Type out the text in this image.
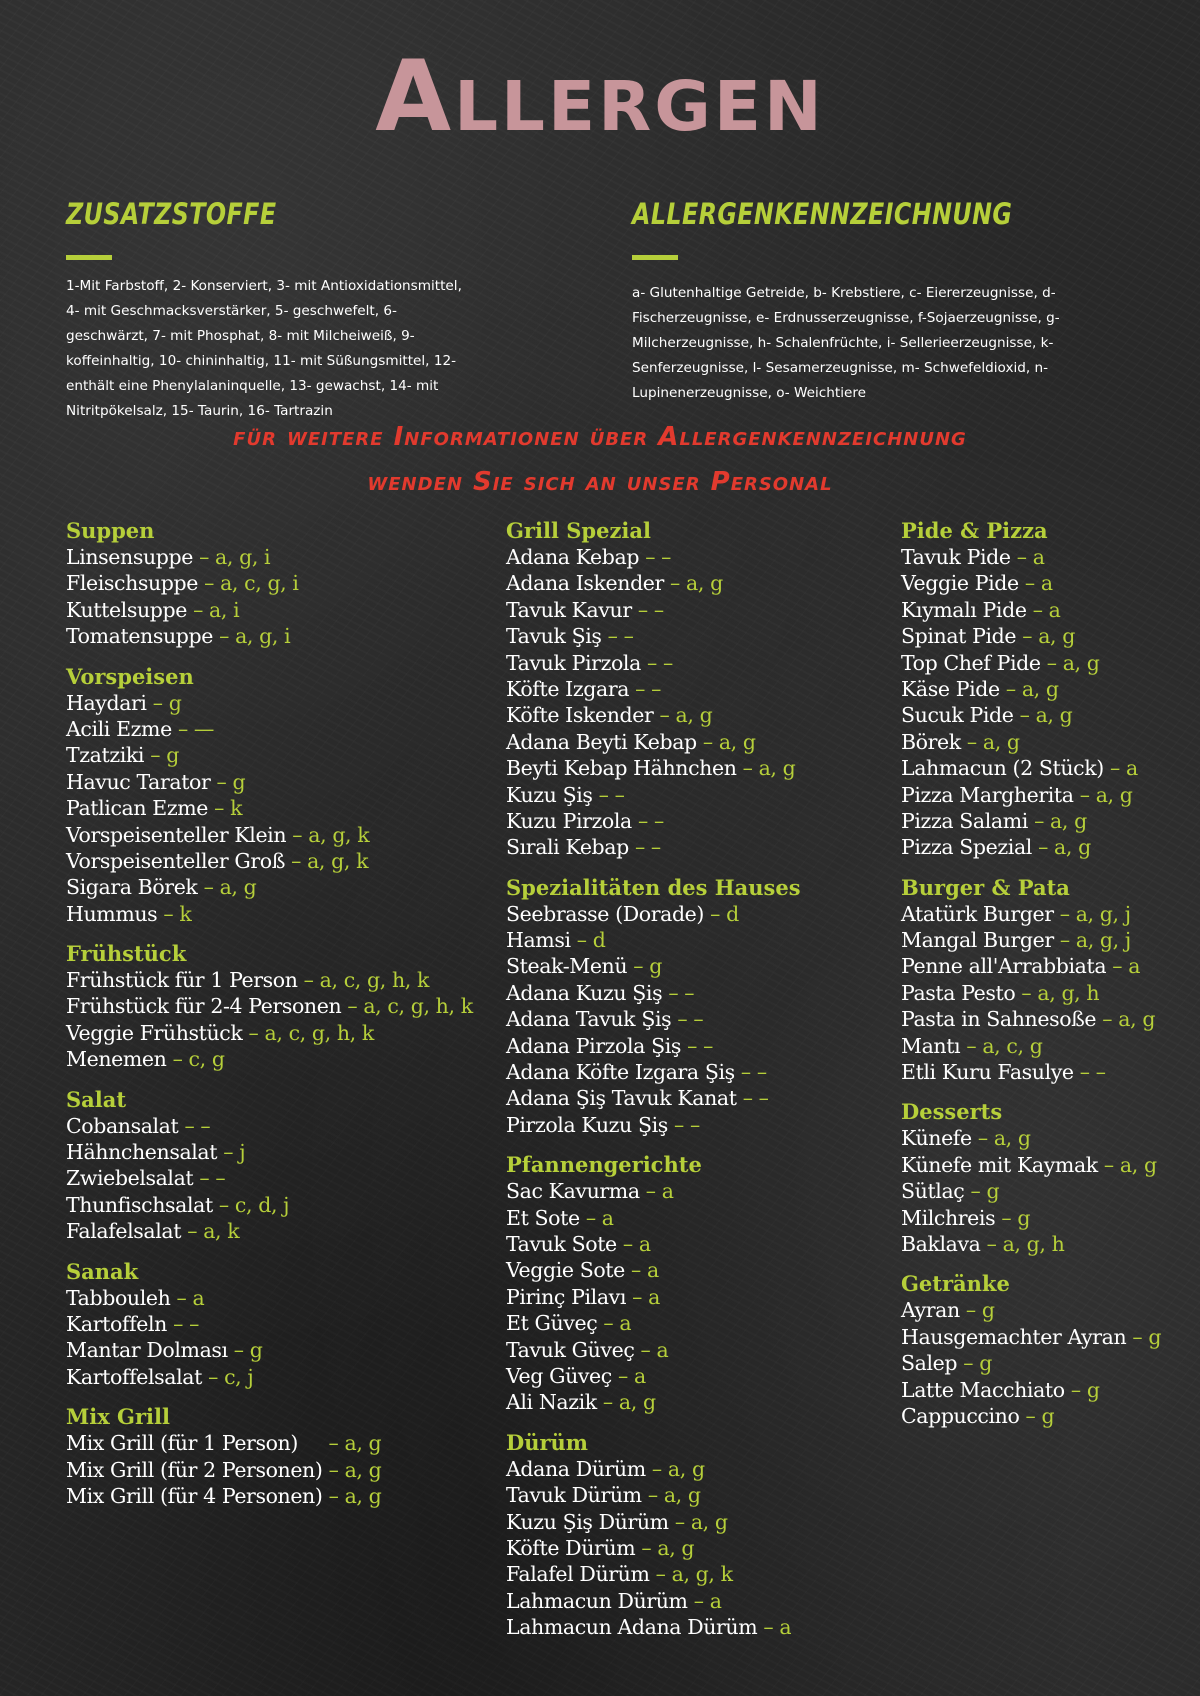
Allergen
ZUSATZSTOFFE
1-Mit Farbstoff, 2- Konserviert, 3- mit Antioxidationsmittel,
4- mit Geschmacksverstärker, 5- geschwefelt, 6-
geschwärzt, 7- mit Phosphat, 8- mit Milcheiweiß, 9-
koffeinhaltig, 10- chininhaltig, 11- mit Süßungsmittel, 12-
enthält eine Phenylalaninquelle, 13- gewachst, 14- mit
Nitritpökelsalz, 15- Taurin, 16- Tartrazin
ALLERGENKENNZEICHNUNG
a- Glutenhaltige Getreide, b- Krebstiere, c- Eiererzeugnisse, d-
Fischerzeugnisse, e- Erdnusserzeugnisse, f-Sojaerzeugnisse, g-
Milcherzeugnisse, h- Schalenfrüchte, i- Sellerieerzeugnisse, k-
Senferzeugnisse, l- Sesamerzeugnisse, m- Schwefeldioxid, n-
Lupinenerzeugnisse, o- Weichtiere
für weitere Informationen über Allergenkennzeichnung
wenden Sie sich an unser Personal
Suppen
Linsensuppe – a, g, i
Fleischsuppe – a, c, g, i
Kuttelsuppe – a, i
Tomatensuppe – a, g, i
Vorspeisen
Haydari – g
Acili Ezme – —
Tzatziki – g
Havuc Tarator – g
Patlican Ezme – k
Vorspeisenteller Klein – a, g, k
Vorspeisenteller Groß – a, g, k
Sigara Börek – a, g
Hummus – k
Frühstück
Frühstück für 1 Person – a, c, g, h, k
Frühstück für 2-4 Personen – a, c, g, h, k
Veggie Frühstück – a, c, g, h, k
Menemen – c, g
Salat
Cobansalat – –
Hähnchensalat – j
Zwiebelsalat – –
Thunfischsalat – c, d, j
Falafelsalat – a, k
Sanak
Tabbouleh – a
Kartoffeln – –
Mantar Dolması – g
Kartoffelsalat – c, j
Mix Grill
Mix Grill (für 1 Person)     – a, g
Mix Grill (für 2 Personen) – a, g
Mix Grill (für 4 Personen) – a, g
Grill Spezial
Adana Kebap – –
Adana Iskender – a, g
Tavuk Kavur – –
Tavuk Şiş – –
Tavuk Pirzola – –
Köfte Izgara – –
Köfte Iskender – a, g
Adana Beyti Kebap – a, g
Beyti Kebap Hähnchen – a, g
Kuzu Şiş – –
Kuzu Pirzola – –
Sırali Kebap – –
Spezialitäten des Hauses
Seebrasse (Dorade) – d
Hamsi – d
Steak-Menü – g
Adana Kuzu Şiş – –
Adana Tavuk Şiş – –
Adana Pirzola Şiş – –
Adana Köfte Izgara Şiş – –
Adana Şiş Tavuk Kanat – –
Pirzola Kuzu Şiş – –
Pfannengerichte
Sac Kavurma – a
Et Sote – a
Tavuk Sote – a
Veggie Sote – a
Pirinç Pilavı – a
Et Güveç – a
Tavuk Güveç – a
Veg Güveç – a
Ali Nazik – a, g
Dürüm
Adana Dürüm – a, g
Tavuk Dürüm – a, g
Kuzu Şiş Dürüm – a, g
Köfte Dürüm – a, g
Falafel Dürüm – a, g, k
Lahmacun Dürüm – a
Lahmacun Adana Dürüm – a
Pide & Pizza
Tavuk Pide – a
Veggie Pide – a
Kıymalı Pide – a
Spinat Pide – a, g
Top Chef Pide – a, g
Käse Pide – a, g
Sucuk Pide – a, g
Börek – a, g
Lahmacun (2 Stück) – a
Pizza Margherita – a, g
Pizza Salami – a, g
Pizza Spezial – a, g
Burger & Pata
Atatürk Burger – a, g, j
Mangal Burger – a, g, j
Penne all'Arrabbiata – a
Pasta Pesto – a, g, h
Pasta in Sahnesoße – a, g
Mantı – a, c, g
Etli Kuru Fasulye – –
Desserts
Künefe – a, g
Künefe mit Kaymak – a, g
Sütlaç – g
Milchreis – g
Baklava – a, g, h
Getränke
Ayran – g
Hausgemachter Ayran – g
Salep – g
Latte Macchiato – g
Cappuccino – g
